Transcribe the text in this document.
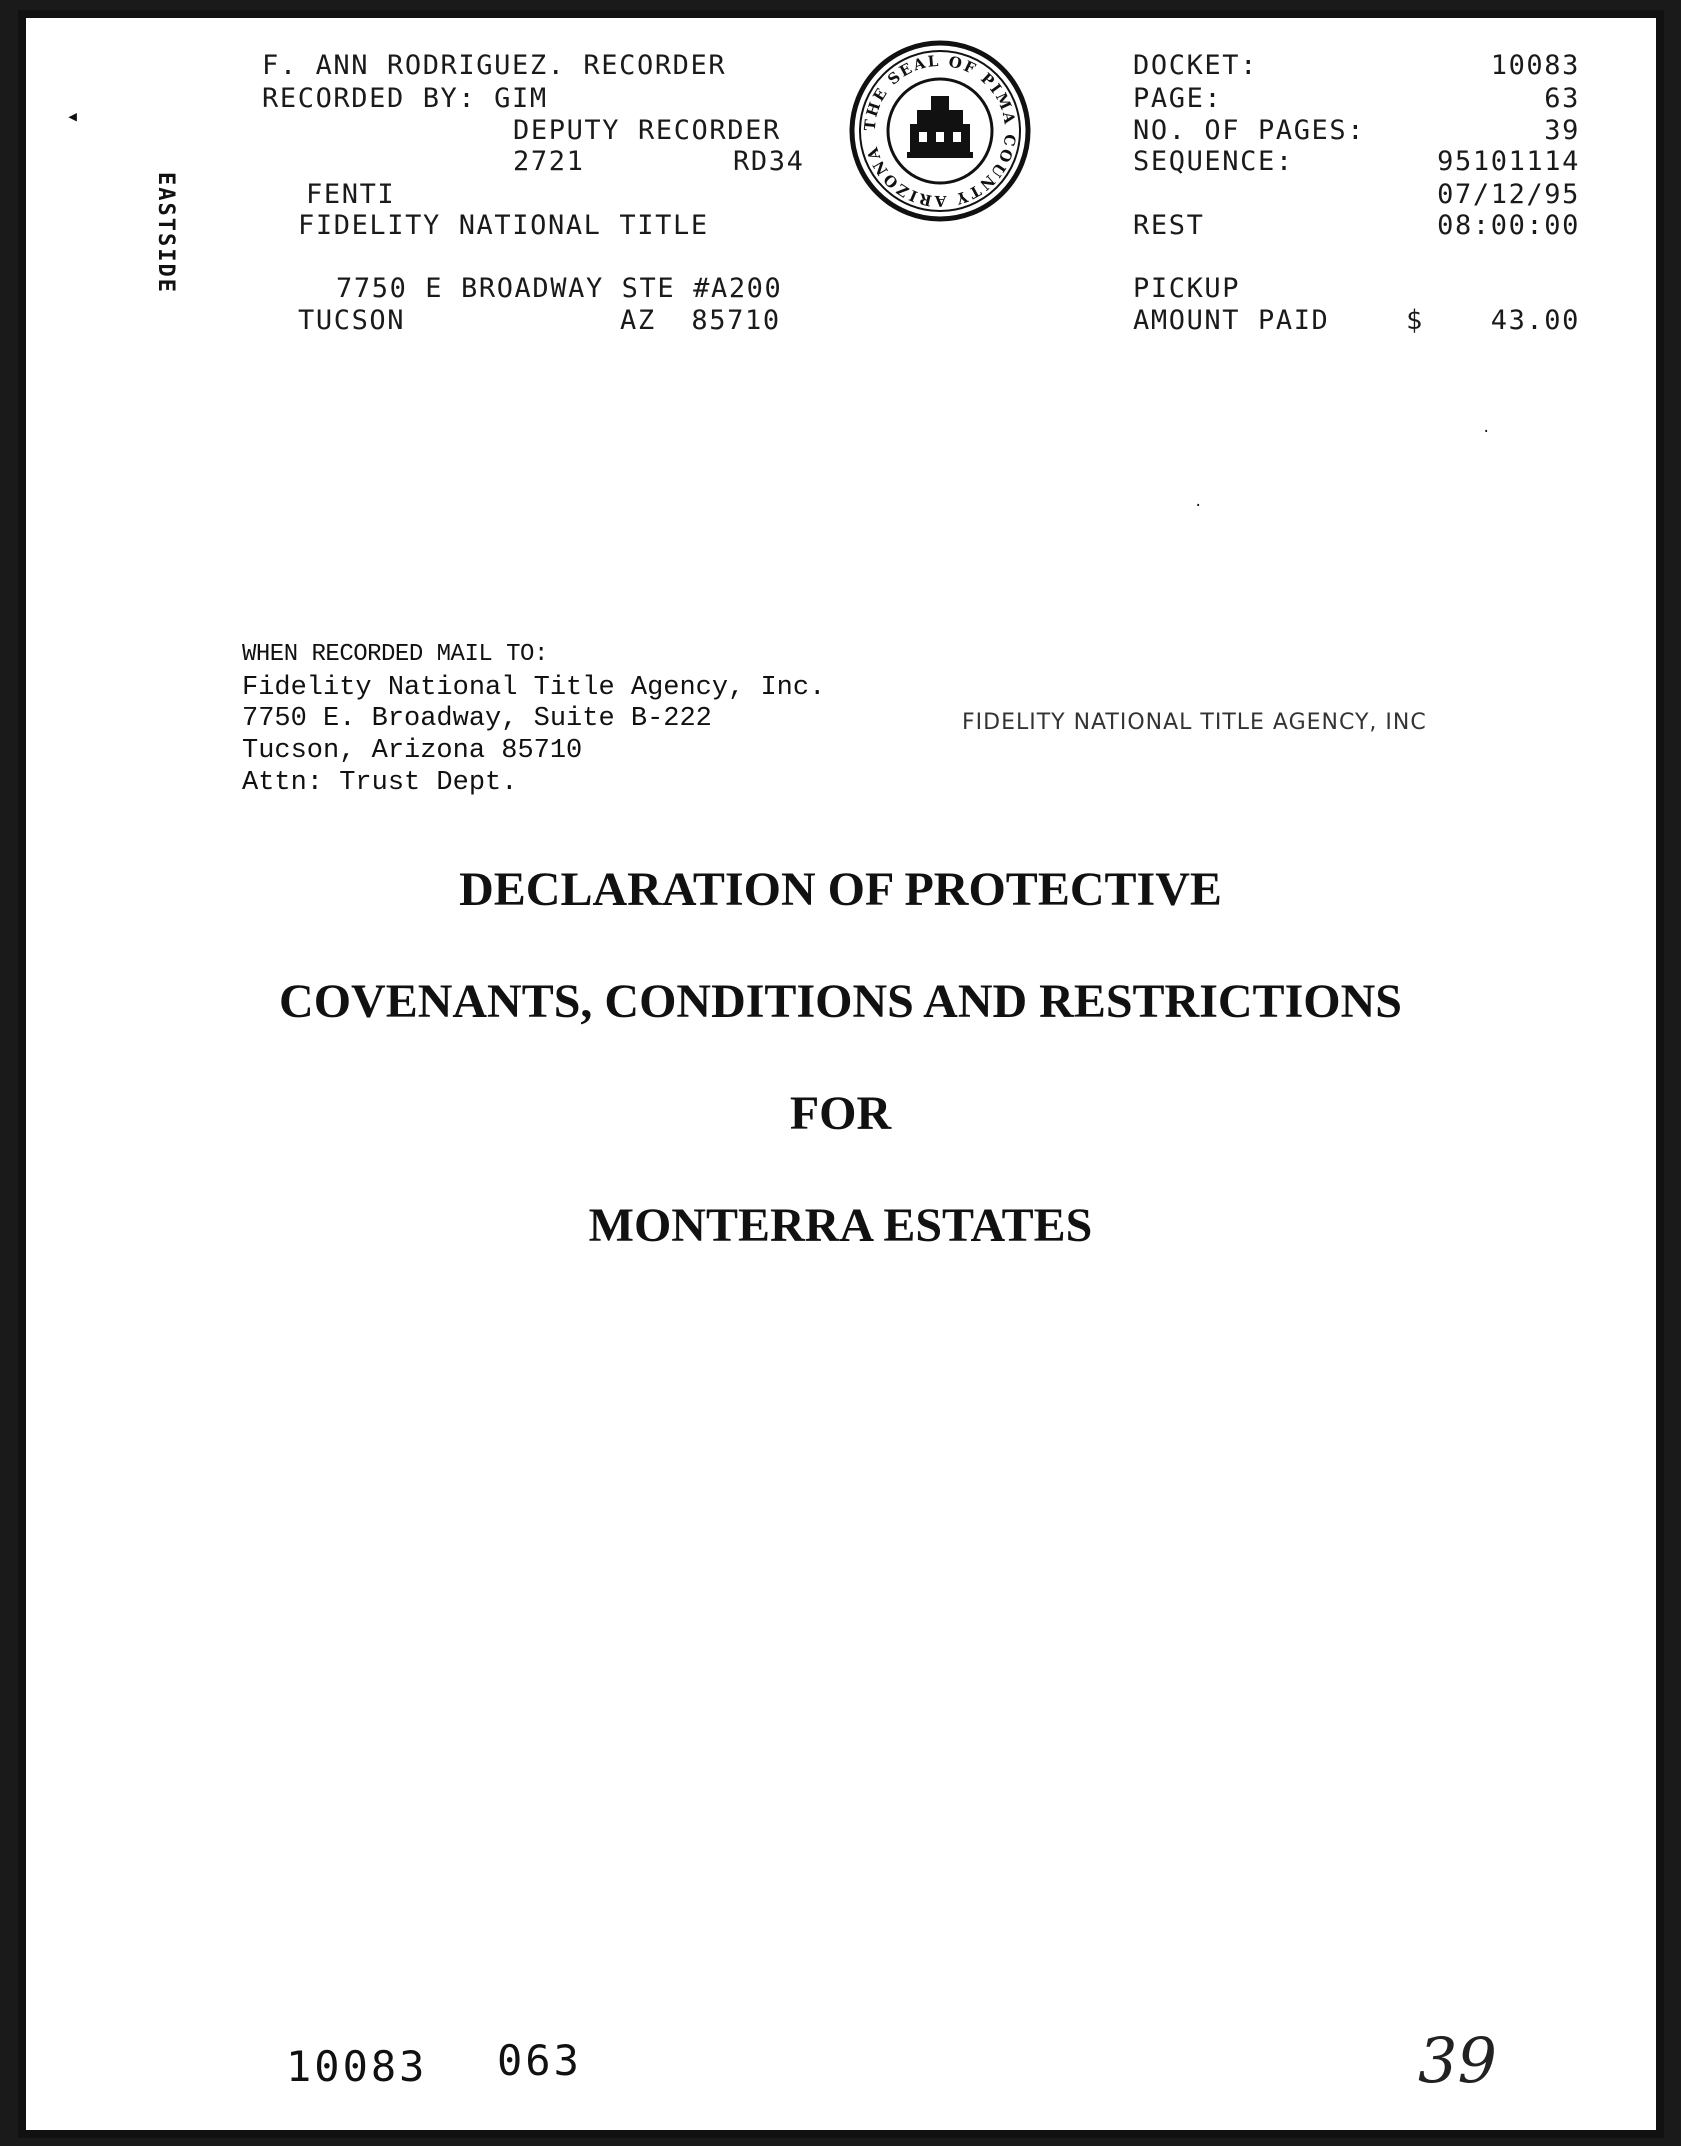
◂
·
·
EASTSIDE
F. ANN RODRIGUEZ. RECORDER
RECORDED BY: GIM
DEPUTY RECORDER
2721	RD34
FENTI
FIDELITY NATIONAL TITLE
7750 E BROADWAY STE #A200
TUCSON	AZ  85710
THE SEAL OF PIMA COUNTY ARIZONA
DOCKET:	10083
PAGE:	63
NO. OF PAGES:	39
SEQUENCE:	95101114
07/12/95
REST	08:00:00
PICKUP
AMOUNT PAID	$	43.00
WHEN RECORDED MAIL TO:
Fidelity National Title Agency, Inc.
7750 E. Broadway, Suite B-222
Tucson, Arizona 85710
Attn: Trust Dept.
FIDELITY NATIONAL TITLE AGENCY, INC
DECLARATION OF PROTECTIVE
COVENANTS, CONDITIONS AND RESTRICTIONS
FOR
MONTERRA ESTATES
10083 063	39
